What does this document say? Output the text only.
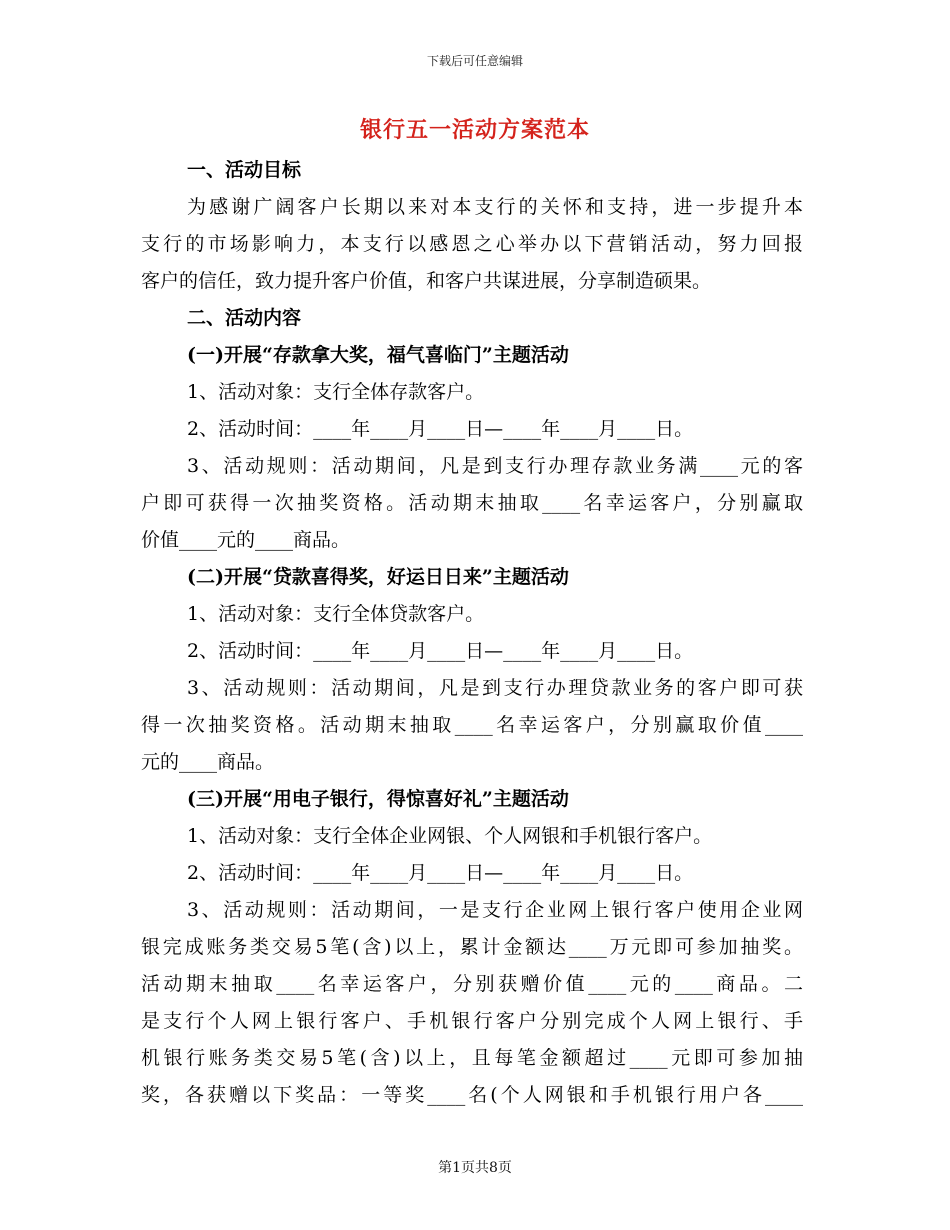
下载后可任意编辑
银行五一活动方案范本
一、活动目标
为感谢广阔客户长期以来对本支行的关怀和支持，进一步提升本
支行的市场影响力，本支行以感恩之心举办以下营销活动，努力回报
客户的信任，致力提升客户价值，和客户共谋进展，分享制造硕果。
二、活动内容
(一)开展“存款拿大奖，福气喜临门”主题活动
1、活动对象：支行全体存款客户。
2、活动时间：____年____月____日—____年____月____日。
3、活动规则：活动期间，凡是到支行办理存款业务满____元的客
户即可获得一次抽奖资格。活动期末抽取____名幸运客户，分别赢取
价值____元的____商品。
(二)开展“贷款喜得奖，好运日日来”主题活动
1、活动对象：支行全体贷款客户。
2、活动时间：____年____月____日—____年____月____日。
3、活动规则：活动期间，凡是到支行办理贷款业务的客户即可获
得一次抽奖资格。活动期末抽取____名幸运客户，分别赢取价值____
元的____商品。
(三)开展“用电子银行，得惊喜好礼”主题活动
1、活动对象：支行全体企业网银、个人网银和手机银行客户。
2、活动时间：____年____月____日—____年____月____日。
3、活动规则：活动期间，一是支行企业网上银行客户使用企业网
银完成账务类交易5笔(含)以上，累计金额达____万元即可参加抽奖。
活动期末抽取____名幸运客户，分别获赠价值____元的____商品。二
是支行个人网上银行客户、手机银行客户分别完成个人网上银行、手
机银行账务类交易5笔(含)以上，且每笔金额超过____元即可参加抽
奖，各获赠以下奖品：一等奖____名(个人网银和手机银行用户各____
第1页共8页
